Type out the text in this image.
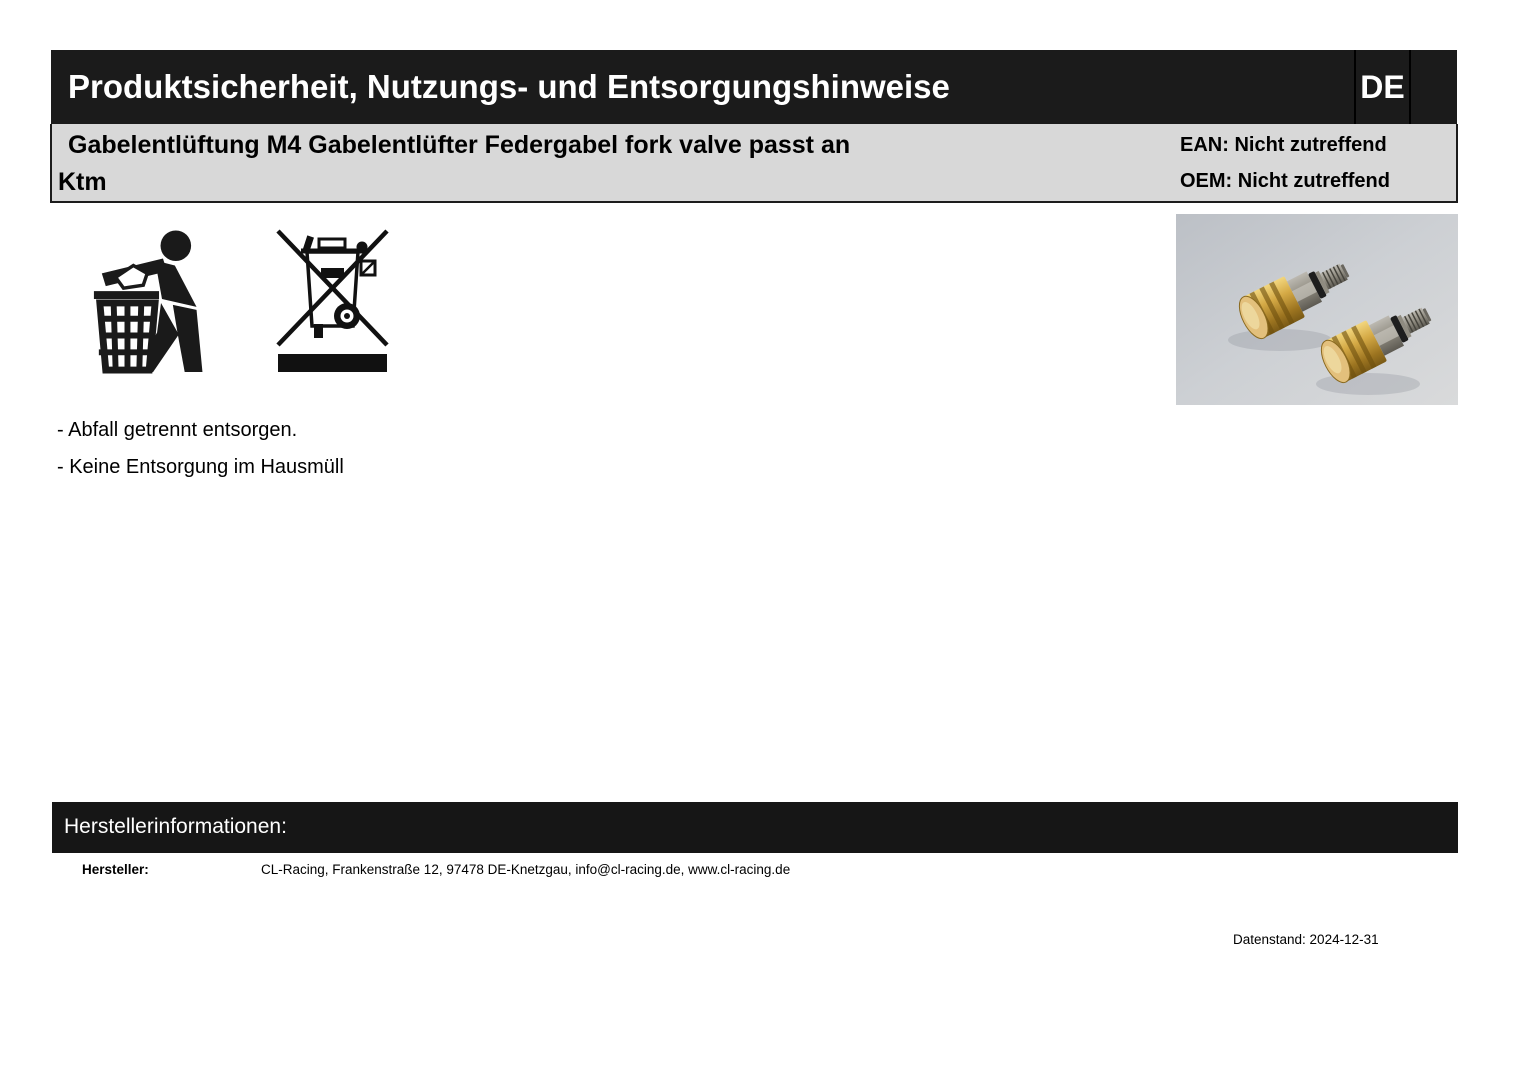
Produktsicherheit, Nutzungs- und Entsorgungshinweise	DE
Gabelentlüftung M4 Gabelentlüfter Federgabel fork valve passt an
Ktm
EAN: Nicht zutreffend
OEM: Nicht zutreffend
- Abfall getrennt entsorgen.
- Keine Entsorgung im Hausmüll
Herstellerinformationen:
Hersteller:	CL-Racing, Frankenstraße 12, 97478 DE-Knetzgau, info@cl-racing.de, www.cl-racing.de
Datenstand: 2024-12-31
